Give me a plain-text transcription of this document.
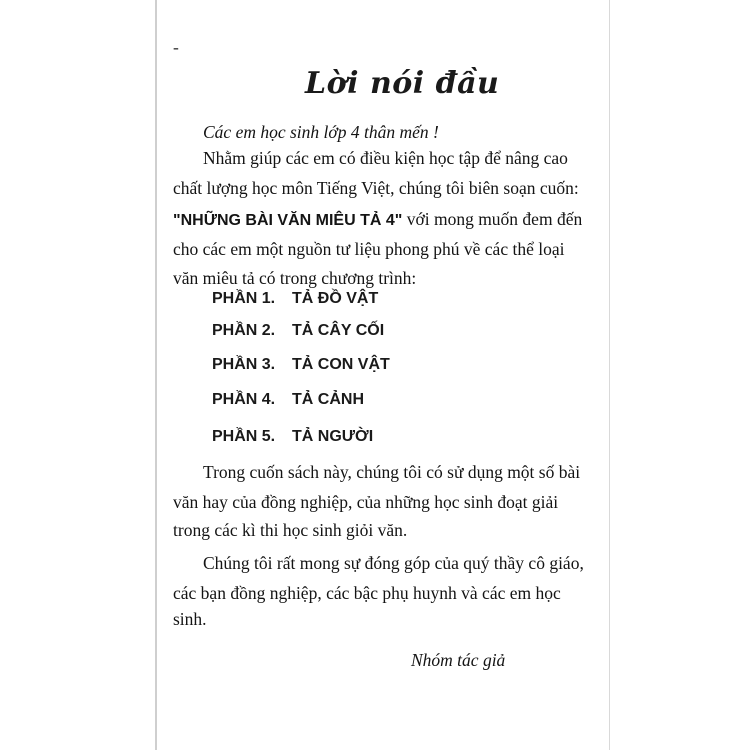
-
Lời nói đầu
Các em học sinh lớp 4 thân mến !
Nhằm giúp các em có điều kiện học tập để nâng cao
chất lượng học môn Tiếng Việt, chúng tôi biên soạn cuốn:
"NHỮNG BÀI VĂN MIÊU TẢ 4" với mong muốn đem đến
cho các em một nguồn tư liệu phong phú về các thể loại
văn miêu tả có trong chương trình:
PHẦN 1. TẢ ĐỒ VẬT
PHẦN 2. TẢ CÂY CỐI
PHẦN 3. TẢ CON VẬT
PHẦN 4. TẢ CẢNH
PHẦN 5. TẢ NGƯỜI
Trong cuốn sách này, chúng tôi có sử dụng một số bài
văn hay của đồng nghiệp, của những học sinh đoạt giải
trong các kì thi học sinh giỏi văn.
Chúng tôi rất mong sự đóng góp của quý thầy cô giáo,
các bạn đồng nghiệp, các bậc phụ huynh và các em học
sinh.
Nhóm tác giả
